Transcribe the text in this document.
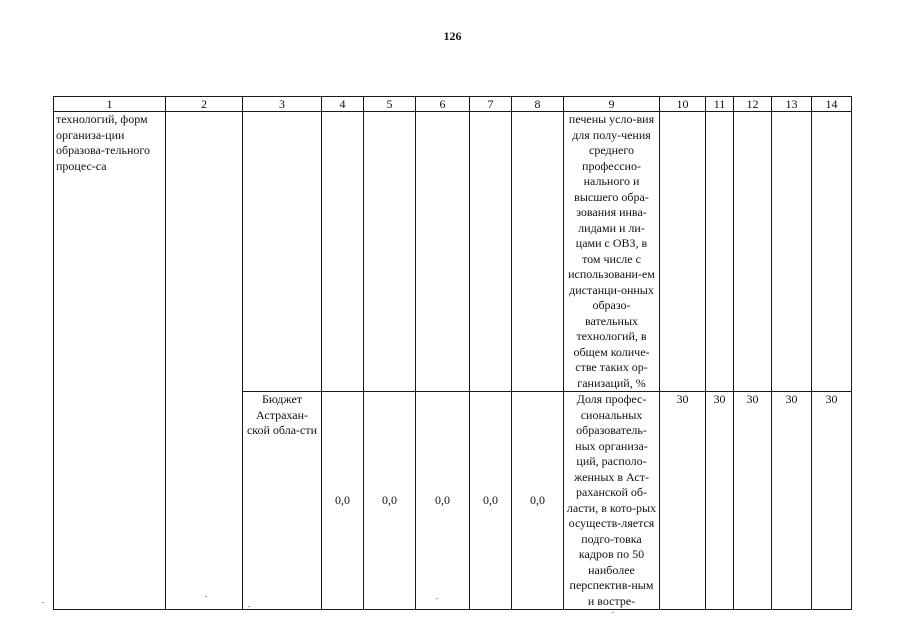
126
1	2	3	4	5	6	7	8	9	10	11	12	13	14
технологий, форм организа-ции образова-тельного процес-са								печены усло-вия для полу-чения среднего профессио-нального и высшего обра-зования инва-лидами и ли-цами с ОВЗ, в том числе с использовани-ем дистанци-онных образо-вательных технологий, в общем количе-стве таких ор-ганизаций, %					
		Бюджет Астрахан-ской обла-сти	0,0	0,0	0,0	0,0	0,0	Доля профес-сиональных образователь-ных организа-ций, располо-женных в Аст-раханской об-ласти, в кото-рых осуществ-ляется подго-товка кадров по 50 наиболее перспектив-ным и востре-	30	30	30	30	30
